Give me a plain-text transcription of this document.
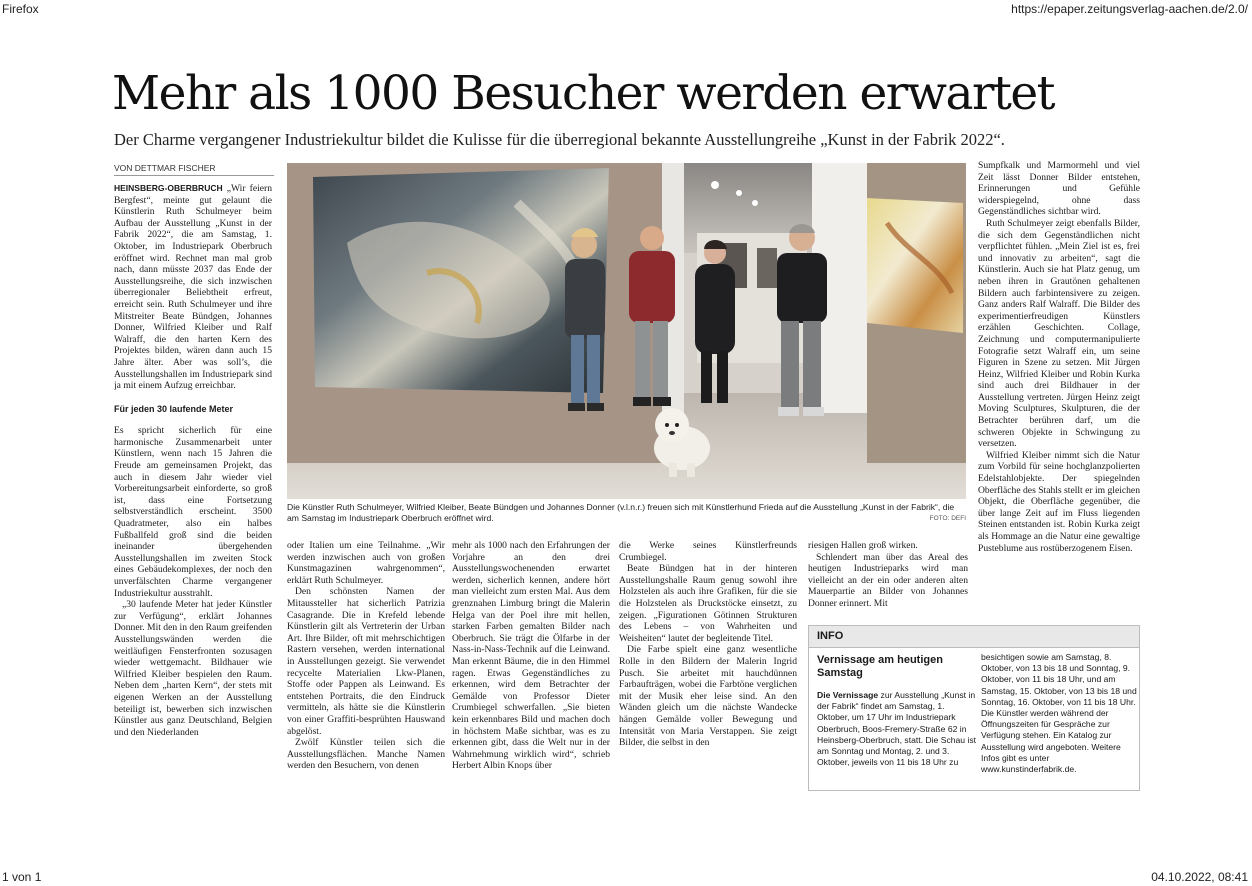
Firefox	https://epaper.zeitungsverlag-aachen.de/2.0/
Mehr als 1000 Besucher werden erwartet
Der Charme vergangener Industriekultur bildet die Kulisse für die überregional bekannte Ausstellungreihe „Kunst in der Fabrik 2022“.
VON DETTMAR FISCHER

HEINSBERG-OBERBRUCH „Wir feiern Bergfest“, meinte gut gelaunt die Künstlerin Ruth Schulmeyer beim Aufbau der Ausstellung „Kunst in der Fabrik 2022“, die am Samstag, 1. Oktober, im Industriepark Oberbruch eröffnet wird. Rechnet man mal grob nach, dann müsste 2037 das Ende der Ausstellungsreihe, die sich inzwischen überregionaler Beliebtheit erfreut, erreicht sein. Ruth Schulmeyer und ihre Mitstreiter Beate Bündgen, Johannes Donner, Wilfried Kleiber und Ralf Walraff, die den harten Kern des Projektes bilden, wären dann auch 15 Jahre älter. Aber was soll’s, die Ausstellungshallen im Industriepark sind ja mit einem Aufzug erreichbar.

Für jeden 30 laufende Meter

Es spricht sicherlich für eine harmonische Zusammenarbeit unter Künstlern, wenn nach 15 Jahren die Freude am gemeinsamen Projekt, das auch in diesem Jahr wieder viel Vorbereitungsarbeit einforderte, so groß ist, dass eine Fortsetzung selbstverständlich erscheint. 3500 Quadratmeter, also ein halbes Fußballfeld groß sind die beiden ineinander übergehenden Ausstellungshallen im zweiten Stock eines Gebäudekomplexes, der noch den unverfälschten Charme vergangener Industriekultur ausstrahlt.

„30 laufende Meter hat jeder Künstler zur Verfügung“, erklärt Johannes Donner. Mit den in den Raum greifenden Ausstellungswänden werden die weitläufigen Fensterfronten sozusagen wieder wettgemacht. Bildhauer wie Wilfried Kleiber bespielen den Raum. Neben dem „harten Kern“, der stets mit eigenen Werken an der Ausstellung beteiligt ist, bewerben sich inzwischen Künstler aus ganz Deutschland, Belgien und den Niederlanden

Die Künstler Ruth Schulmeyer, Wilfried Kleiber, Beate Bündgen und Johannes Donner (v.l.n.r.) freuen sich mit Künstlerhund Frieda auf die Ausstellung „Kunst in der Fabrik“, die am Samstag im Industriepark Oberbruch eröffnet wird.	FOTO: DEFI

oder Italien um eine Teilnahme. „Wir werden inzwischen auch von großen Kunstmagazinen wahrgenommen“, erklärt Ruth Schulmeyer.

Den schönsten Namen der Mitaussteller hat sicherlich Patrizia Casagrande. Die in Krefeld lebende Künstlerin gilt als Vertreterin der Urban Art. Ihre Bilder, oft mit mehrschichtigen Rastern versehen, werden international in Ausstellungen gezeigt. Sie verwendet recycelte Materialien Lkw-Planen, Stoffe oder Pappen als Leinwand. Es entstehen Portraits, die den Eindruck vermitteln, als hätte sie die Künstlerin von einer Graffiti-besprühten Hauswand abgelöst.

Zwölf Künstler teilen sich die Ausstellungsflächen. Manche Namen werden den Besuchern, von denen

mehr als 1000 nach den Erfahrungen der Vorjahre an den drei Ausstellungswochenenden erwartet werden, sicherlich kennen, andere hört man vielleicht zum ersten Mal. Aus dem grenznahen Limburg bringt die Malerin Helga van der Poel ihre mit hellen, starken Farben gemalten Bilder nach Oberbruch. Sie trägt die Ölfarbe in der Nass-in-Nass-Technik auf die Leinwand. Man erkennt Bäume, die in den Himmel ragen. Etwas Gegenständliches zu erkennen, wird dem Betrachter der Gemälde von Professor Dieter Crumbiegel schwerfallen. „Sie bieten kein erkennbares Bild und machen doch in höchstem Maße sichtbar, was es zu erkennen gibt, dass die Welt nur in der Wahrnehmung wirklich wird“, schrieb Herbert Albin Knops über

die Werke seines Künstlerfreunds Crumbiegel.

Beate Bündgen hat in der hinteren Ausstellungshalle Raum genug sowohl ihre Holzstelen als auch ihre Grafiken, für die sie die Holzstelen als Druckstöcke einsetzt, zu zeigen. „Figurationen Götinnen Strukturen des Lebens – von Wahrheiten und Weisheiten“ lautet der begleitende Titel.

Die Farbe spielt eine ganz wesentliche Rolle in den Bildern der Malerin Ingrid Pusch. Sie arbeitet mit hauchdünnen Farbaufträgen, wobei die Farbtöne verglichen mit der Musik eher leise sind. An den Wänden gleich um die nächste Wandecke hängen Gemälde voller Bewegung und Intensität von Maria Verstappen. Sie zeigt Bilder, die selbst in den

riesigen Hallen groß wirken.

Schlendert man über das Areal des heutigen Industrieparks wird man vielleicht an der ein oder anderen alten Mauerpartie an Bilder von Johannes Donner erinnert. Mit

Sumpfkalk und Marmormehl und viel Zeit lässt Donner Bilder entstehen, Erinnerungen und Gefühle widerspiegelnd, ohne dass Gegenständliches sichtbar wird.

Ruth Schulmeyer zeigt ebenfalls Bilder, die sich dem Gegenständlichen nicht verpflichtet fühlen. „Mein Ziel ist es, frei und innovativ zu arbeiten“, sagt die Künstlerin. Auch sie hat Platz genug, um neben ihren in Grautönen gehaltenen Bildern auch farbintensivere zu zeigen. Ganz anders Ralf Walraff. Die Bilder des experimentierfreudigen Künstlers erzählen Geschichten. Collage, Zeichnung und computermanipulierte Fotografie setzt Walraff ein, um seine Figuren in Szene zu setzen. Mit Jürgen Heinz, Wilfried Kleiber und Robin Kurka sind auch drei Bildhauer in der Ausstellung vertreten. Jürgen Heinz zeigt Moving Sculptures, Skulpturen, die der Betrachter berühren darf, um die schweren Objekte in Schwingung zu versetzen.

Wilfried Kleiber nimmt sich die Natur zum Vorbild für seine hochglanzpolierten Edelstahlobjekte. Der spiegelnden Oberfläche des Stahls stellt er im gleichen Objekt, die Oberfläche gegenüber, die über lange Zeit auf im Fluss liegenden Steinen entstanden ist. Robin Kurka zeigt als Hommage an die Natur eine gewaltige Pusteblume aus rostüberzogenem Eisen.

INFO
Vernissage am heutigen Samstag
Die Vernissage zur Ausstellung „Kunst in der Fabrik“ findet am Samstag, 1. Oktober, um 17 Uhr im Industriepark Oberbruch, Boos-Fremery-Straße 62 in Heinsberg-Oberbruch, statt. Die Schau ist am Sonntag und Montag, 2. und 3. Oktober, jeweils von 11 bis 18 Uhr zu
besichtigen sowie am Samstag, 8. Oktober, von 13 bis 18 und Sonntag, 9. Oktober, von 11 bis 18 Uhr, und am Samstag, 15. Oktober, von 13 bis 18 und Sonntag, 16. Oktober, von 11 bis 18 Uhr. Die Künstler werden während der Öffnungszeiten für Gespräche zur Verfügung stehen. Ein Katalog zur Ausstellung wird angeboten. Weitere Infos gibt es unter www.kunstinderfabrik.de.
1 von 1	04.10.2022, 08:41
